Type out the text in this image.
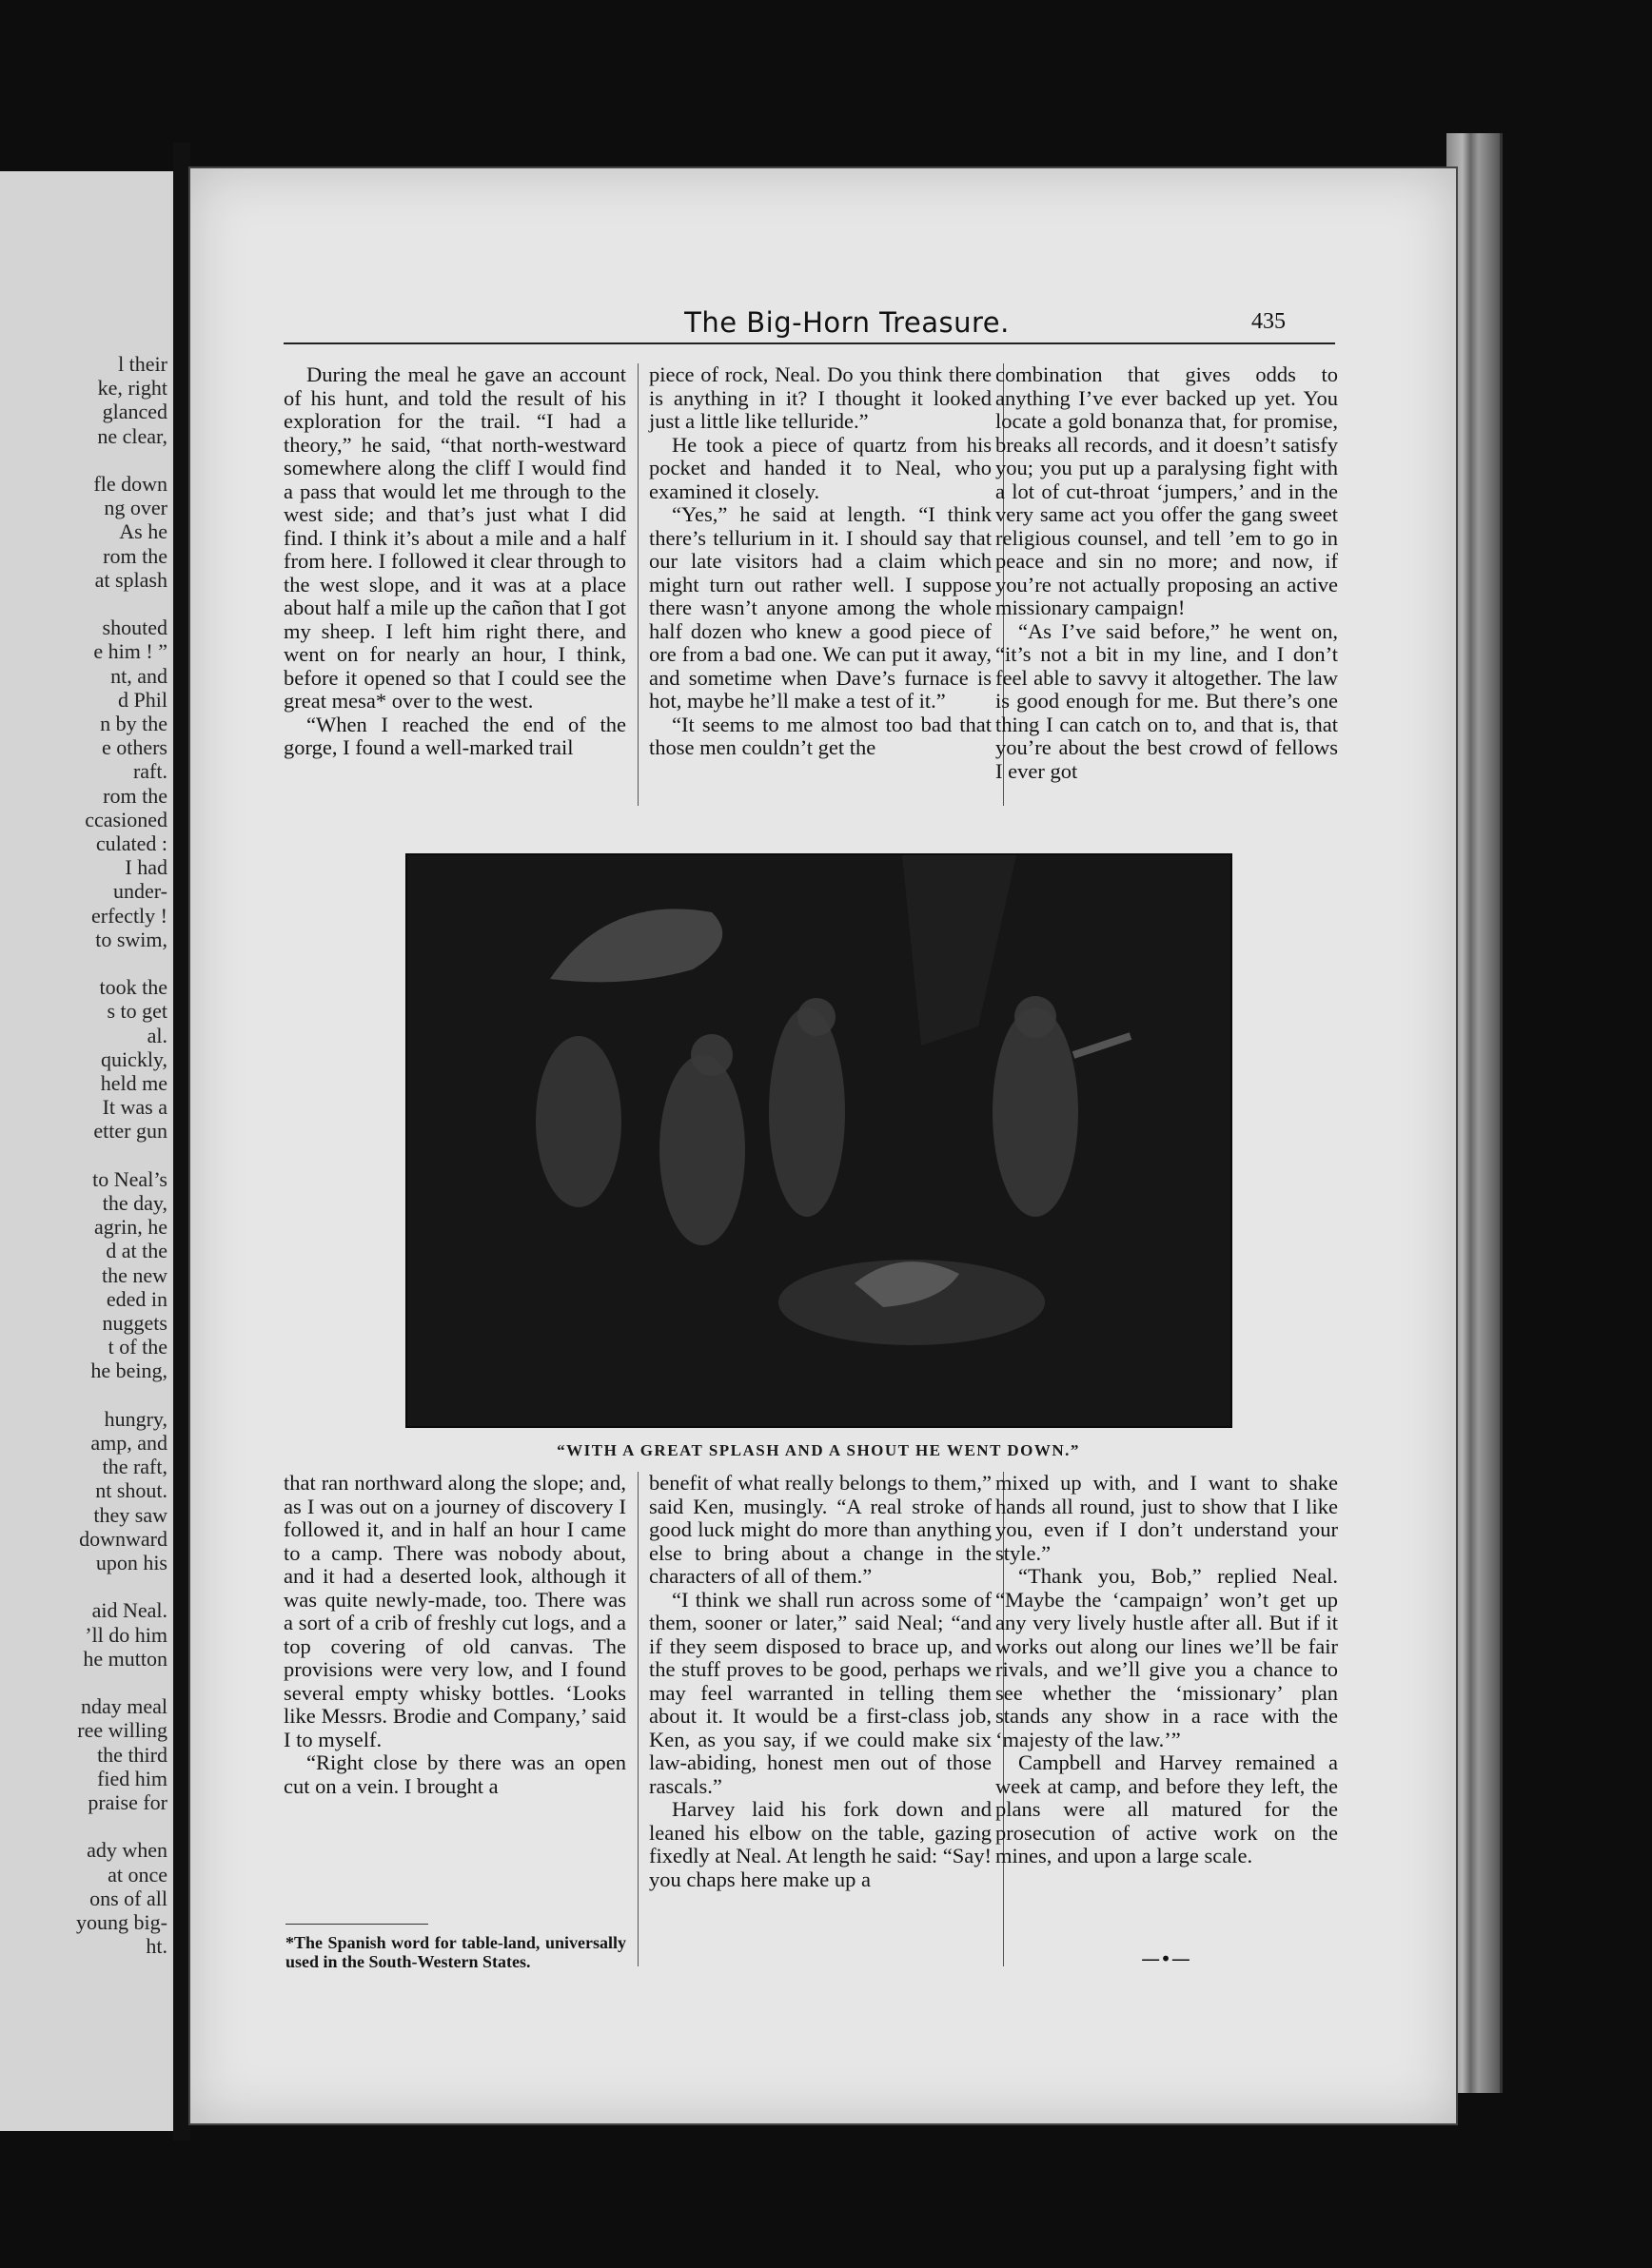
l their
ke, right
glanced
ne clear,
fle down
ng over
As he
rom the
at splash
shouted
e him ! ”
nt, and
d Phil
n by the
e others
raft.
rom the
ccasioned
culated :
I had
under-
erfectly !
to swim,
took the
s to get
al.
quickly,
held me
It was a
etter gun
to Neal’s
the day,
agrin, he
d at the
the new
eded in
nuggets
t of the
he being,
hungry,
amp, and
the raft,
nt shout.
they saw
downward
upon his
aid Neal.
’ll do him
he mutton
nday meal
ree willing
the third
fied him
praise for
ady when
at once
ons of all
young big-
ht.
The Big-Horn Treasure.	435

During the meal he gave an account of his hunt, and told the result of his exploration for the trail. “I had a theory,” he said, “that north-westward somewhere along the cliff I would find a pass that would let me through to the west side; and that’s just what I did find. I think it’s about a mile and a half from here. I followed it clear through to the west slope, and it was at a place about half a mile up the cañon that I got my sheep. I left him right there, and went on for nearly an hour, I think, before it opened so that I could see the great mesa* over to the west.

“When I reached the end of the gorge, I found a well-marked trail

piece of rock, Neal. Do you think there is anything in it? I thought it looked just a little like telluride.”

He took a piece of quartz from his pocket and handed it to Neal, who examined it closely.

“Yes,” he said at length. “I think there’s tellurium in it. I should say that our late visitors had a claim which might turn out rather well. I suppose there wasn’t anyone among the whole half dozen who knew a good piece of ore from a bad one. We can put it away, and sometime when Dave’s furnace is hot, maybe he’ll make a test of it.”

“It seems to me almost too bad that those men couldn’t get the

combination that gives odds to anything I’ve ever backed up yet. You locate a gold bonanza that, for promise, breaks all records, and it doesn’t satisfy you; you put up a paralysing fight with a lot of cut-throat ‘jumpers,’ and in the very same act you offer the gang sweet religious counsel, and tell ’em to go in peace and sin no more; and now, if you’re not actually proposing an active missionary campaign!

“As I’ve said before,” he went on, “it’s not a bit in my line, and I don’t feel able to savvy it altogether. The law is good enough for me. But there’s one thing I can catch on to, and that is, that you’re about the best crowd of fellows I ever got

“WITH A GREAT SPLASH AND A SHOUT HE WENT DOWN.”

that ran northward along the slope; and, as I was out on a journey of discovery I followed it, and in half an hour I came to a camp. There was nobody about, and it had a deserted look, although it was quite newly-made, too. There was a sort of a crib of freshly cut logs, and a top covering of old canvas. The provisions were very low, and I found several empty whisky bottles. ‘Looks like Messrs. Brodie and Company,’ said I to myself.

“Right close by there was an open cut on a vein. I brought a

benefit of what really belongs to them,” said Ken, musingly. “A real stroke of good luck might do more than anything else to bring about a change in the characters of all of them.”

“I think we shall run across some of them, sooner or later,” said Neal; “and if they seem disposed to brace up, and the stuff proves to be good, perhaps we may feel warranted in telling them about it. It would be a first-class job, Ken, as you say, if we could make six law-abiding, honest men out of those rascals.”

Harvey laid his fork down and leaned his elbow on the table, gazing fixedly at Neal. At length he said: “Say! you chaps here make up a

mixed up with, and I want to shake hands all round, just to show that I like you, even if I don’t understand your style.”

“Thank you, Bob,” replied Neal. “Maybe the ‘campaign’ won’t get up any very lively hustle after all. But if it works out along our lines we’ll be fair rivals, and we’ll give you a chance to see whether the ‘missionary’ plan stands any show in a race with the ‘majesty of the law.’”

Campbell and Harvey remained a week at camp, and before they left, the plans were all matured for the prosecution of active work on the mines, and upon a large scale.

*The Spanish word for table-land, universally used in the South-Western States.	—•—
